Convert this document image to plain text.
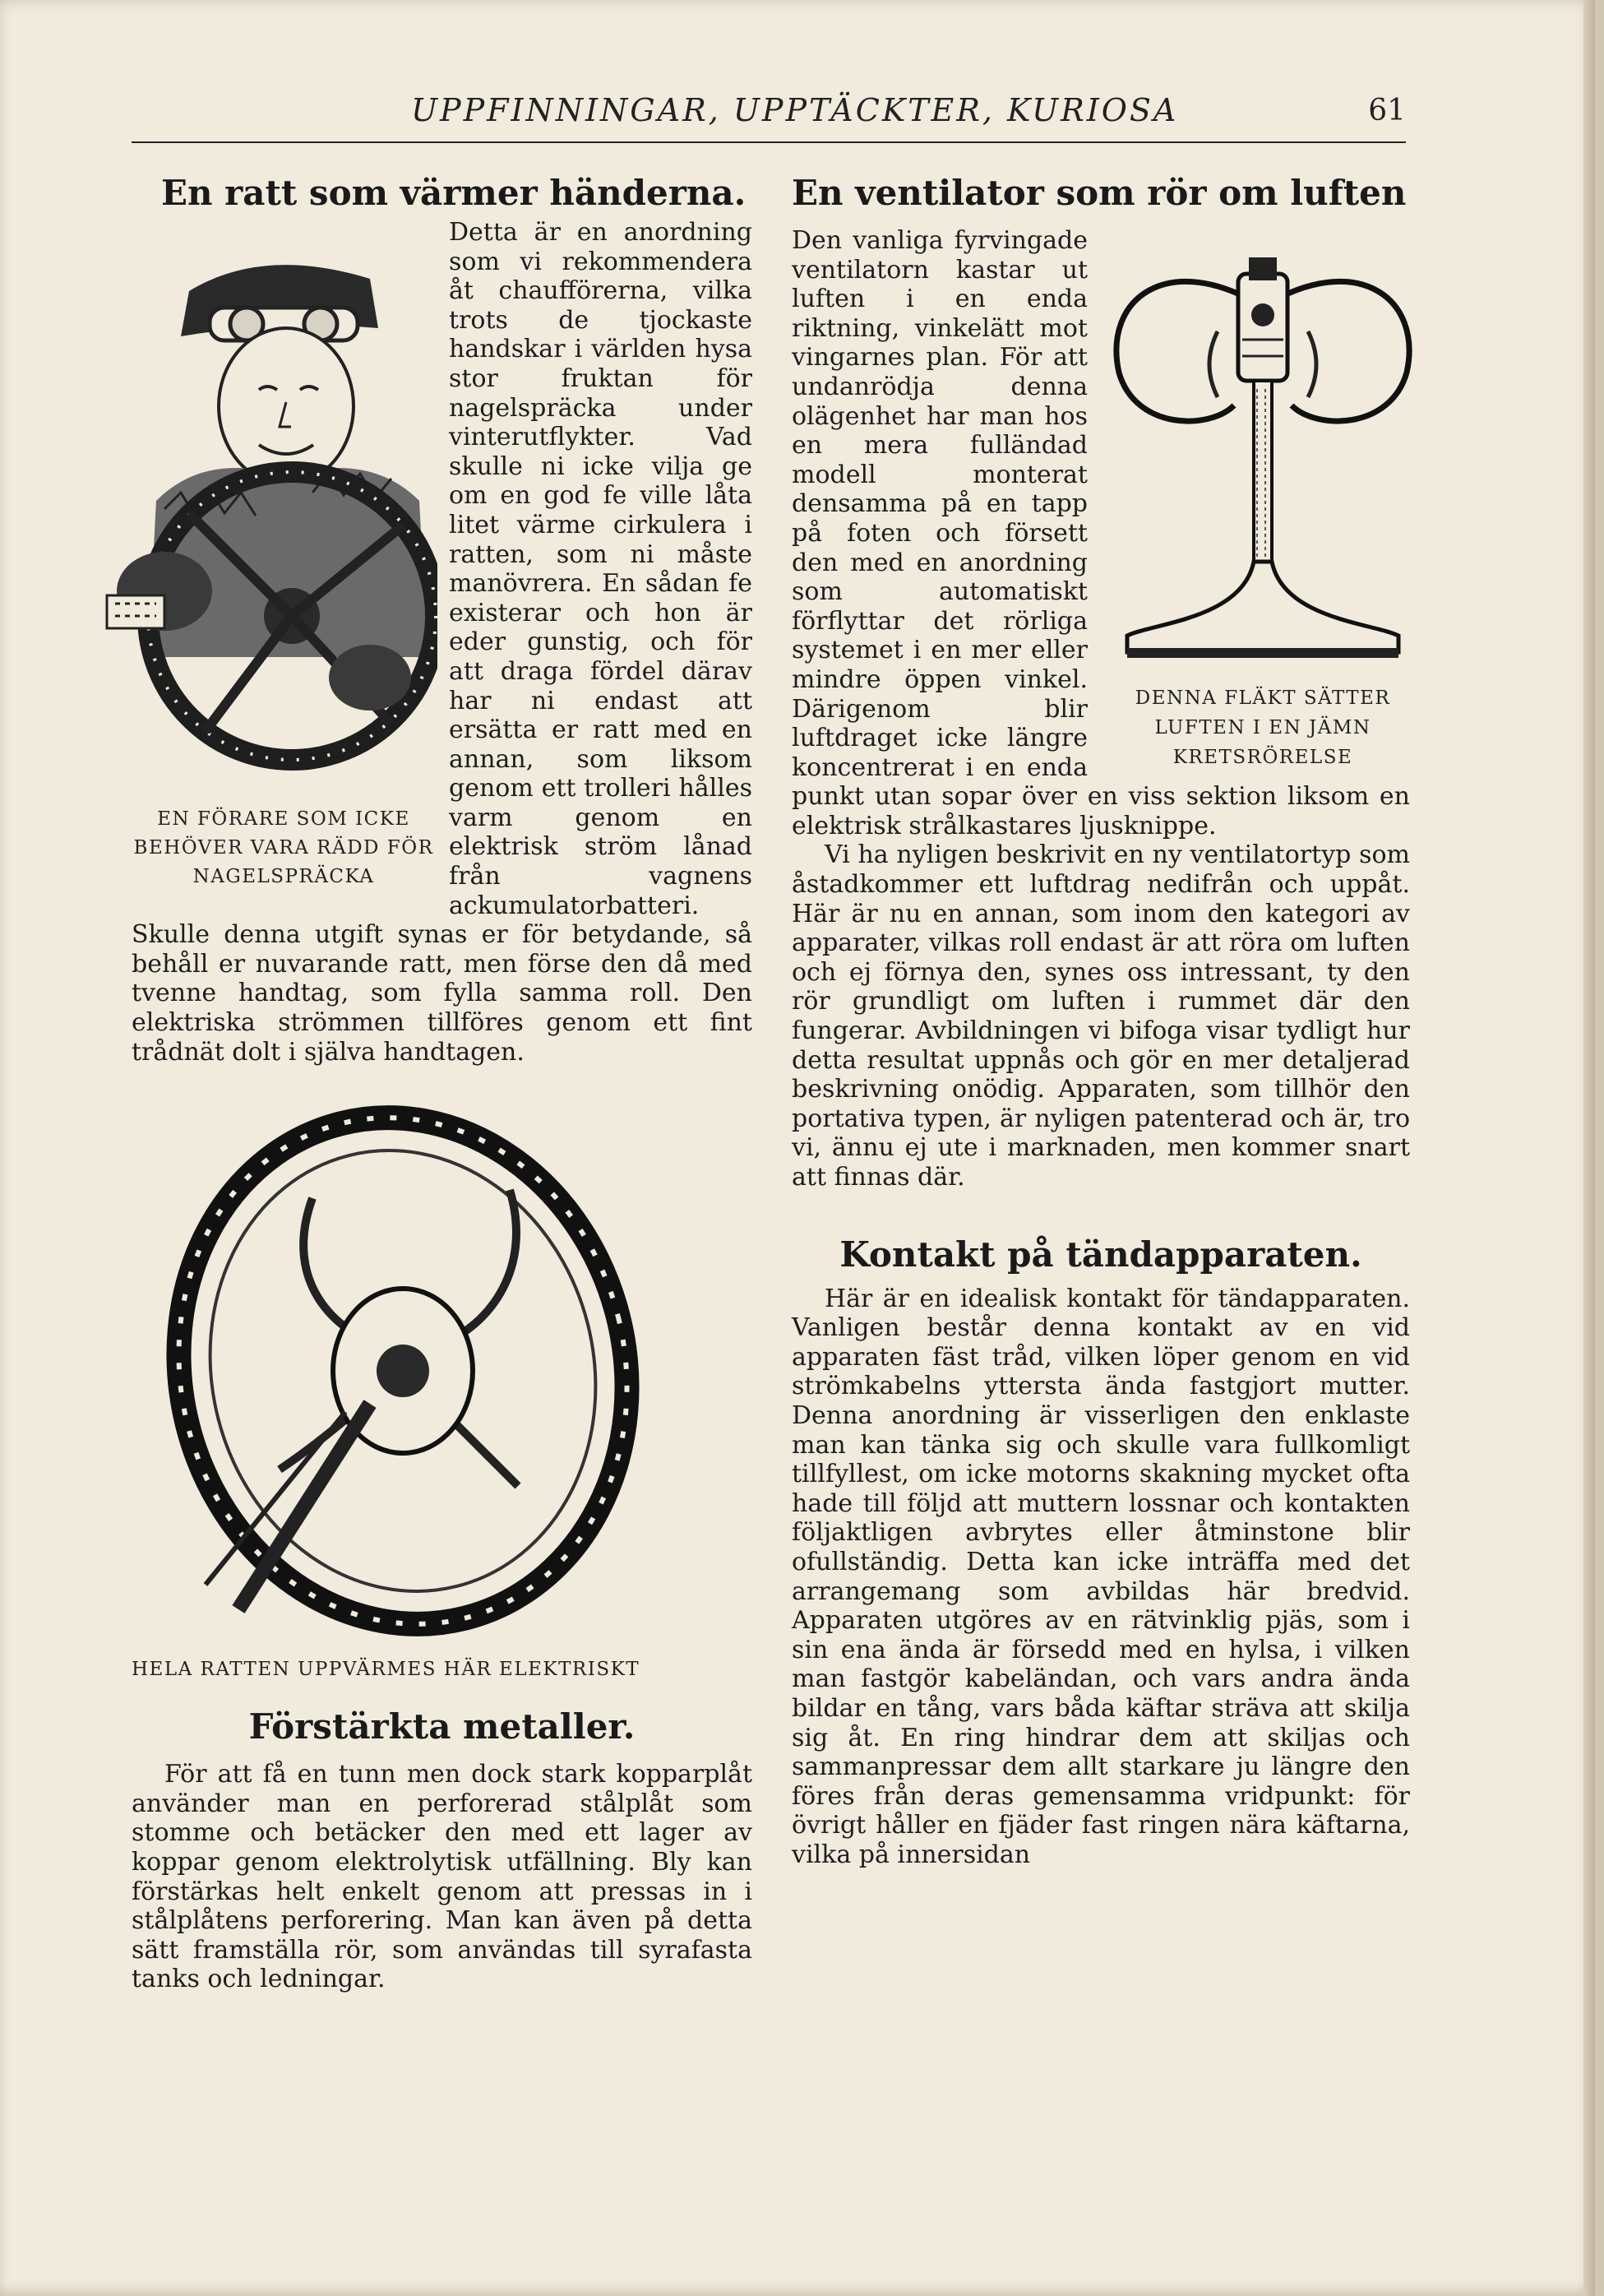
UPPFINNINGAR, UPPTÄCKTER, KURIOSA	61
En ratt som värmer händerna.
EN FÖRARE SOM ICKE BEHÖVER VARA RÄDD FÖR NAGELSPRÄCKA

Detta är en anordning som vi rekommendera åt chaufförerna, vilka trots de tjockaste handskar i världen hysa stor fruktan för nagelspräcka under vinterutflykter. Vad skulle ni icke vilja ge om en god fe ville låta litet värme cirkulera i ratten, som ni måste manövrera. En sådan fe existerar och hon är eder gunstig, och för att draga fördel därav har ni endast att ersätta er ratt med en annan, som liksom genom ett trolleri hålles varm genom en elektrisk ström lånad från vagnens ackumulatorbatteri. Skulle denna utgift synas er för betydande, så behåll er nuvarande ratt, men förse den då med tvenne handtag, som fylla samma roll. Den elektriska strömmen tillföres genom ett fint trådnät dolt i själva handtagen.

HELA RATTEN UPPVÄRMES HÄR ELEKTRISKT
Förstärkta metaller.

För att få en tunn men dock stark kopparplåt använder man en perforerad stålplåt som stomme och betäcker den med ett lager av koppar genom elektrolytisk utfällning. Bly kan förstärkas helt enkelt genom att pressas in i stålplåtens perforering. Man kan även på detta sätt framställa rör, som användas till syrafasta tanks och ledningar.

En ventilator som rör om luften
DENNA FLÄKT SÄTTER LUFTEN I EN JÄMN KRETSRÖRELSE

Den vanliga fyrvingade ventilatorn kastar ut luften i en enda riktning, vinkelätt mot vingarnes plan. För att undanrödja denna olägenhet har man hos en mera fulländad modell monterat densamma på en tapp på foten och försett den med en anordning som automatiskt förflyttar det rörliga systemet i en mer eller mindre öppen vinkel. Därigenom blir luftdraget icke längre koncentrerat i en enda punkt utan sopar över en viss sektion liksom en elektrisk strålkastares ljusknippe.

Vi ha nyligen beskrivit en ny ventilatortyp som åstadkommer ett luftdrag nedifrån och uppåt. Här är nu en annan, som inom den kategori av apparater, vilkas roll endast är att röra om luften och ej förnya den, synes oss intressant, ty den rör grundligt om luften i rummet där den fungerar. Avbildningen vi bifoga visar tydligt hur detta resultat uppnås och gör en mer detaljerad beskrivning onödig. Apparaten, som tillhör den portativa typen, är nyligen patenterad och är, tro vi, ännu ej ute i marknaden, men kommer snart att finnas där.

Kontakt på tändapparaten.

Här är en idealisk kontakt för tändapparaten. Vanligen består denna kontakt av en vid apparaten fäst tråd, vilken löper genom en vid strömkabelns yttersta ända fastgjort mutter. Denna anordning är visserligen den enklaste man kan tänka sig och skulle vara fullkomligt tillfyllest, om icke motorns skakning mycket ofta hade till följd att muttern lossnar och kontakten följaktligen avbrytes eller åtminstone blir ofullständig. Detta kan icke inträffa med det arrangemang som avbildas här bredvid. Apparaten utgöres av en rätvinklig pjäs, som i sin ena ända är försedd med en hylsa, i vilken man fastgör kabeländan, och vars andra ända bildar en tång, vars båda käftar sträva att skilja sig åt. En ring hindrar dem att skiljas och sammanpressar dem allt starkare ju längre den föres från deras gemensamma vridpunkt: för övrigt håller en fjäder fast ringen nära käftarna, vilka på innersidan
